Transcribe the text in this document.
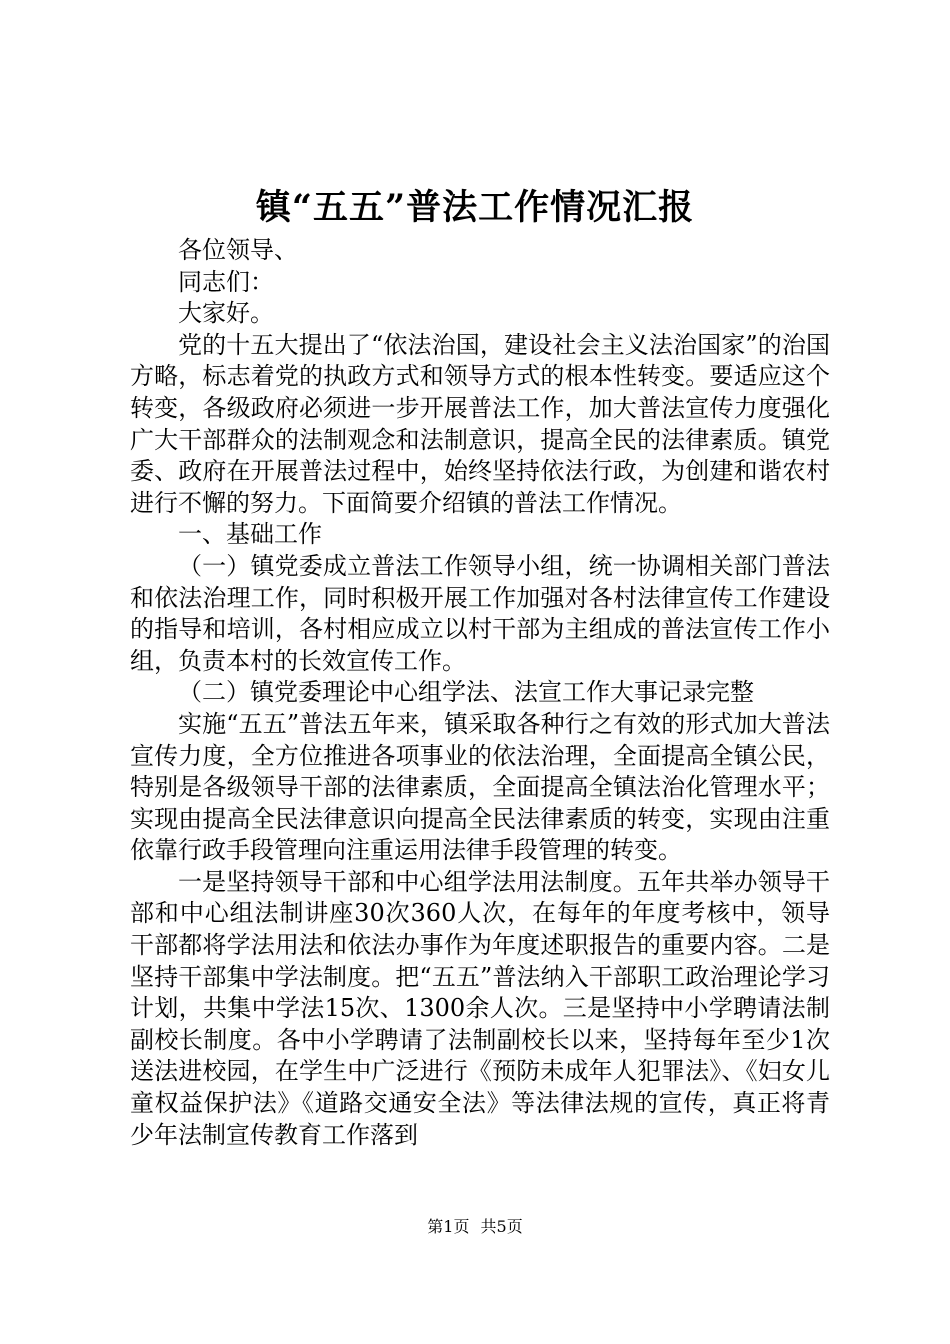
镇“五五”普法工作情况汇报

各位领导、

同志们：

大家好。

党的十五大提出了“依法治国，建设社会主义法治国家”的治国方略，标志着党的执政方式和领导方式的根本性转变。要适应这个转变，各级政府必须进一步开展普法工作，加大普法宣传力度强化广大干部群众的法制观念和法制意识，提高全民的法律素质。镇党委、政府在开展普法过程中，始终坚持依法行政，为创建和谐农村进行不懈的努力。下面简要介绍镇的普法工作情况。

一、基础工作

（一）镇党委成立普法工作领导小组，统一协调相关部门普法和依法治理工作，同时积极开展工作加强对各村法律宣传工作建设的指导和培训，各村相应成立以村干部为主组成的普法宣传工作小组，负责本村的长效宣传工作。

（二）镇党委理论中心组学法、法宣工作大事记录完整

实施“五五”普法五年来，镇采取各种行之有效的形式加大普法宣传力度，全方位推进各项事业的依法治理，全面提高全镇公民，特别是各级领导干部的法律素质，全面提高全镇法治化管理水平；实现由提高全民法律意识向提高全民法律素质的转变，实现由注重依靠行政手段管理向注重运用法律手段管理的转变。

一是坚持领导干部和中心组学法用法制度。五年共举办领导干部和中心组法制讲座30次360人次，在每年的年度考核中，领导干部都将学法用法和依法办事作为年度述职报告的重要内容。二是坚持干部集中学法制度。把“五五”普法纳入干部职工政治理论学习计划，共集中学法15次、1300余人次。三是坚持中小学聘请法制副校长制度。各中小学聘请了法制副校长以来，坚持每年至少1次送法进校园，在学生中广泛进行《预防未成年人犯罪法》、《妇女儿童权益保护法》《道路交通安全法》等法律法规的宣传，真正将青少年法制宣传教育工作落到

第1页 共5页
